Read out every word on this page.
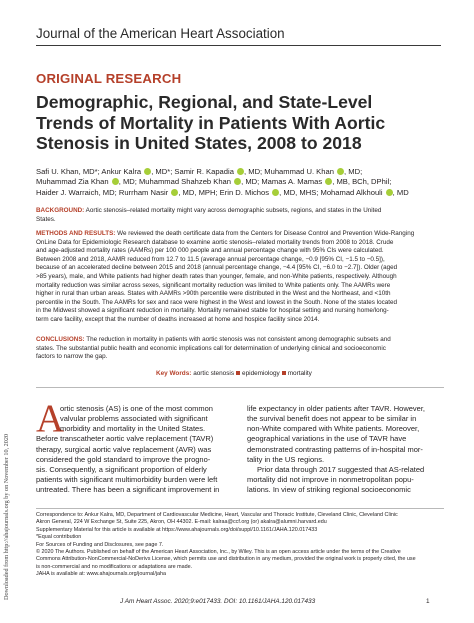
Downloaded from http://ahajournals.org by on November 10, 2020
Journal of the American Heart Association
ORIGINAL RESEARCH
Demographic, Regional, and State-Level
Trends of Mortality in Patients With Aortic
Stenosis in United States, 2008 to 2018
Safi U. Khan, MD*; Ankur Kalra , MD*; Samir R. Kapadia , MD; Muhammad U. Khan , MD;
Muhammad Zia Khan , MD; Muhammad Shahzeb Khan , MD; Mamas A. Mamas , MB, BCh, DPhil;
Haider J. Warraich, MD; Rurrham Nasir , MD, MPH; Erin D. Michos , MD, MHS; Mohamad Alkhouli , MD
BACKGROUND: Aortic stenosis–related mortality might vary across demographic subsets, regions, and states in the United
States.
METHODS AND RESULTS: We reviewed the death certificate data from the Centers for Disease Control and Prevention Wide-Ranging
OnLine Data for Epidemiologic Research database to examine aortic stenosis–related mortality trends from 2008 to 2018. Crude
and age-adjusted mortality rates (AAMRs) per 100 000 people and annual percentage change with 95% CIs were calculated.
Between 2008 and 2018, AAMR reduced from 12.7 to 11.5 (average annual percentage change, −0.9 [95% CI, −1.5 to −0.5]),
because of an accelerated decline between 2015 and 2018 (annual percentage change, −4.4 [95% CI, −6.0 to −2.7]). Older (aged
>85 years), male, and White patients had higher death rates than younger, female, and non-White patients, respectively. Although
mortality reduction was similar across sexes, significant mortality reduction was limited to White patients only. The AAMRs were
higher in rural than urban areas. States with AAMRs >90th percentile were distributed in the West and the Northeast, and <10th
percentile in the South. The AAMRs for sex and race were highest in the West and lowest in the South. None of the states located
in the Midwest showed a significant reduction in mortality. Mortality remained stable for hospital setting and nursing home/long-
term care facility, except that the number of deaths increased at home and hospice facility since 2014.
CONCLUSIONS: The reduction in mortality in patients with aortic stenosis was not consistent among demographic subsets and
states. The substantial public health and economic implications call for determination of underlying clinical and socioeconomic
factors to narrow the gap.
Key Words: aortic stenosis epidemiology mortality
A
ortic stenosis (AS) is one of the most common
valvular problems associated with significant
morbidity and mortality in the United States.
Before transcatheter aortic valve replacement (TAVR)
therapy, surgical aortic valve replacement (AVR) was
considered the gold standard to improve the progno-
sis. Consequently, a significant proportion of elderly
patients with significant multimorbidity burden were left
untreated. There has been a significant improvement in
life expectancy in older patients after TAVR. However,
the survival benefit does not appear to be similar in
non-White compared with White patients. Moreover,
geographical variations in the use of TAVR have
demonstrated contrasting patterns of in-hospital mor-
tality in the US regions.
Prior data through 2017 suggested that AS-related
mortality did not improve in nonmetropolitan popu-
lations. In view of striking regional socioeconomic
Correspondence to: Ankur Kalra, MD, Department of Cardiovascular Medicine, Heart, Vascular and Thoracic Institute, Cleveland Clinic, Cleveland Clinic
Akron General, 224 W Exchange St, Suite 225, Akron, OH 44302. E-mail: kalraa@ccf.org (or) akalra@alumni.harvard.edu
Supplementary Material for this article is available at https://www.ahajournals.org/doi/suppl/10.1161/JAHA.120.017433
*Equal contribution
For Sources of Funding and Disclosures, see page 7.
© 2020 The Authors. Published on behalf of the American Heart Association, Inc., by Wiley. This is an open access article under the terms of the Creative
Commons Attribution-NonCommercial-NoDerivs License, which permits use and distribution in any medium, provided the original work is properly cited, the use
is non-commercial and no modifications or adaptations are made.
JAHA is available at: www.ahajournals.org/journal/jaha
J Am Heart Assoc. 2020;9:e017433. DOI: 10.1161/JAHA.120.017433	1
